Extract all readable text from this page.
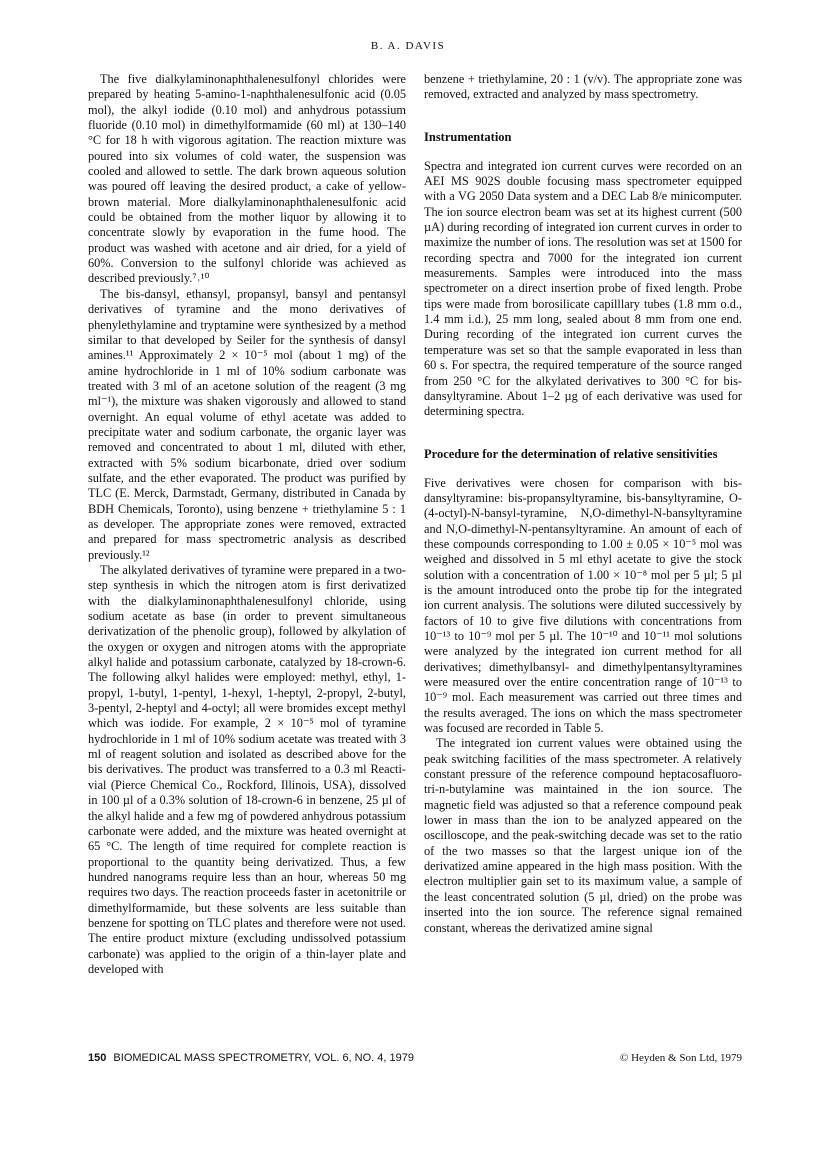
B. A. DAVIS

The five dialkylaminonaphthalenesulfonyl chlorides were prepared by heating 5-amino-1-naphthalenesulfonic acid (0.05 mol), the alkyl iodide (0.10 mol) and anhydrous potassium fluoride (0.10 mol) in dimethylformamide (60 ml) at 130–140 °C for 18 h with vigorous agitation. The reaction mixture was poured into six volumes of cold water, the suspension was cooled and allowed to settle. The dark brown aqueous solution was poured off leaving the desired product, a cake of yellow-brown material. More dialkylaminonaphthalenesulfonic acid could be obtained from the mother liquor by allowing it to concentrate slowly by evaporation in the fume hood. The product was washed with acetone and air dried, for a yield of 60%. Conversion to the sulfonyl chloride was achieved as described previously.⁷˒¹⁰

The bis-dansyl, ethansyl, propansyl, bansyl and pentansyl derivatives of tyramine and the mono derivatives of phenylethylamine and tryptamine were synthesized by a method similar to that developed by Seiler for the synthesis of dansyl amines.¹¹ Approximately 2 × 10⁻⁵ mol (about 1 mg) of the amine hydrochloride in 1 ml of 10% sodium carbonate was treated with 3 ml of an acetone solution of the reagent (3 mg ml⁻¹), the mixture was shaken vigorously and allowed to stand overnight. An equal volume of ethyl acetate was added to precipitate water and sodium carbonate, the organic layer was removed and concentrated to about 1 ml, diluted with ether, extracted with 5% sodium bicarbonate, dried over sodium sulfate, and the ether evaporated. The product was purified by TLC (E. Merck, Darmstadt, Germany, distributed in Canada by BDH Chemicals, Toronto), using benzene + triethylamine 5 : 1 as developer. The appropriate zones were removed, extracted and prepared for mass spectrometric analysis as described previously.¹²

The alkylated derivatives of tyramine were prepared in a two-step synthesis in which the nitrogen atom is first derivatized with the dialkylaminonaphthalenesulfonyl chloride, using sodium acetate as base (in order to prevent simultaneous derivatization of the phenolic group), followed by alkylation of the oxygen or oxygen and nitrogen atoms with the appropriate alkyl halide and potassium carbonate, catalyzed by 18-crown-6. The following alkyl halides were employed: methyl, ethyl, 1-propyl, 1-butyl, 1-pentyl, 1-hexyl, 1-heptyl, 2-propyl, 2-butyl, 3-pentyl, 2-heptyl and 4-octyl; all were bromides except methyl which was iodide. For example, 2 × 10⁻⁵ mol of tyramine hydrochloride in 1 ml of 10% sodium acetate was treated with 3 ml of reagent solution and isolated as described above for the bis derivatives. The product was transferred to a 0.3 ml Reacti-vial (Pierce Chemical Co., Rockford, Illinois, USA), dissolved in 100 µl of a 0.3% solution of 18-crown-6 in benzene, 25 µl of the alkyl halide and a few mg of powdered anhydrous potassium carbonate were added, and the mixture was heated overnight at 65 °C. The length of time required for complete reaction is proportional to the quantity being derivatized. Thus, a few hundred nanograms require less than an hour, whereas 50 mg requires two days. The reaction proceeds faster in acetonitrile or dimethylformamide, but these solvents are less suitable than benzene for spotting on TLC plates and therefore were not used. The entire product mixture (excluding undissolved potassium carbonate) was applied to the origin of a thin-layer plate and developed with

benzene + triethylamine, 20 : 1 (v/v). The appropriate zone was removed, extracted and analyzed by mass spectrometry.

Instrumentation

Spectra and integrated ion current curves were recorded on an AEI MS 902S double focusing mass spectrometer equipped with a VG 2050 Data system and a DEC Lab 8/e minicomputer. The ion source electron beam was set at its highest current (500 µA) during recording of integrated ion current curves in order to maximize the number of ions. The resolution was set at 1500 for recording spectra and 7000 for the integrated ion current measurements. Samples were introduced into the mass spectrometer on a direct insertion probe of fixed length. Probe tips were made from borosilicate capilllary tubes (1.8 mm o.d., 1.4 mm i.d.), 25 mm long, sealed about 8 mm from one end. During recording of the integrated ion current curves the temperature was set so that the sample evaporated in less than 60 s. For spectra, the required temperature of the source ranged from 250 °C for the alkylated derivatives to 300 °C for bis-dansyltyramine. About 1–2 µg of each derivative was used for determining spectra.

Procedure for the determination of relative sensitivities

Five derivatives were chosen for comparison with bis-dansyltyramine: bis-propansyltyramine, bis-bansyltyramine, O-(4-octyl)-N-bansyl-tyramine, N,O-dimethyl-N-bansyltyramine and N,O-dimethyl-N-pentansyltyramine. An amount of each of these compounds corresponding to 1.00 ± 0.05 × 10⁻⁵ mol was weighed and dissolved in 5 ml ethyl acetate to give the stock solution with a concentration of 1.00 × 10⁻⁸ mol per 5 µl; 5 µl is the amount introduced onto the probe tip for the integrated ion current analysis. The solutions were diluted successively by factors of 10 to give five dilutions with concentrations from 10⁻¹³ to 10⁻⁹ mol per 5 µl. The 10⁻¹⁰ and 10⁻¹¹ mol solutions were analyzed by the integrated ion current method for all derivatives; dimethylbansyl- and dimethylpentansyltyramines were measured over the entire concentration range of 10⁻¹³ to 10⁻⁹ mol. Each measurement was carried out three times and the results averaged. The ions on which the mass spectrometer was focused are recorded in Table 5.

The integrated ion current values were obtained using the peak switching facilities of the mass spectrometer. A relatively constant pressure of the reference compound heptacosafluoro-tri-n-butylamine was maintained in the ion source. The magnetic field was adjusted so that a reference compound peak lower in mass than the ion to be analyzed appeared on the oscilloscope, and the peak-switching decade was set to the ratio of the two masses so that the largest unique ion of the derivatized amine appeared in the high mass position. With the electron multiplier gain set to its maximum value, a sample of the least concentrated solution (5 µl, dried) on the probe was inserted into the ion source. The reference signal remained constant, whereas the derivatized amine signal

150 BIOMEDICAL MASS SPECTROMETRY, VOL. 6, NO. 4, 1979	© Heyden & Son Ltd, 1979
